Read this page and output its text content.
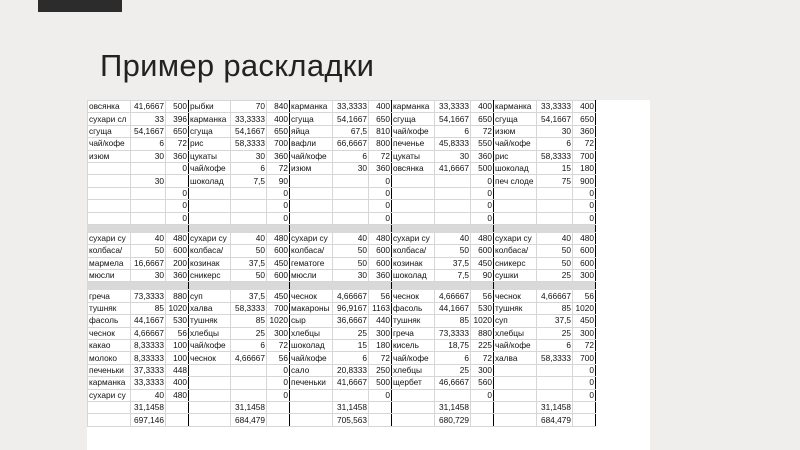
Пример раскладки
овсянка	41,6667	500	рыбки	70	840	карманка	33,3333	400	карманка	33,3333	400	карманка	33,3333	400
сухари сл	33	396	карманка	33,3333	400	сгуща	54,1667	650	сгуща	54,1667	650	сгуща	54,1667	650
сгуща	54,1667	650	сгуща	54,1667	650	яйца	67,5	810	чай/кофе	6	72	изюм	30	360
чай/кофе	6	72	рис	58,3333	700	вафли	66,6667	800	печенье	45,8333	550	чай/кофе	6	72
изюм	30	360	цукаты	30	360	чай/кофе	6	72	цукаты	30	360	рис	58,3333	700
		0	чай/кофе	6	72	изюм	30	360	овсянка	41,6667	500	шоколад	15	180
	30		шоколад	7,5	90			0			0	печ слоде	75	900
		0			0			0			0			0
		0			0			0			0			0
		0			0			0			0			0

сухари су	40	480	сухари су	40	480	сухари су	40	480	сухари су	40	480	сухари су	40	480
колбаса/	50	600	колбаса/	50	600	колбаса/	50	600	колбаса/	50	600	колбаса/	50	600
мармела	16,6667	200	козинак	37,5	450	гематоге	50	600	козинак	37,5	450	сникерс	50	600
мюсли	30	360	сникерс	50	600	мюсли	30	360	шоколад	7,5	90	сушки	25	300

греча	73,3333	880	суп	37,5	450	чеснок	4,66667	56	чеснок	4,66667	56	чеснок	4,66667	56
тушняк	85	1020	халва	58,3333	700	макароны	96,9167	1163	фасоль	44,1667	530	тушняк	85	1020
фасоль	44,1667	530	тушняк	85	1020	сыр	36,6667	440	тушняк	85	1020	суп	37,5	450
чеснок	4,66667	56	хлебцы	25	300	хлебцы	25	300	греча	73,3333	880	хлебцы	25	300
какао	8,33333	100	чай/кофе	6	72	шоколад	15	180	кисель	18,75	225	чай/кофе	6	72
молоко	8,33333	100	чеснок	4,66667	56	чай/кофе	6	72	чай/кофе	6	72	халва	58,3333	700
печеньки	37,3333	448			0	сало	20,8333	250	хлебцы	25	300			0
карманка	33,3333	400			0	печеньки	41,6667	500	щербет	46,6667	560			0
сухари су	40	480			0			0			0			0
	31,1458			31,1458			31,1458			31,1458			31,1458	
	697,146			684,479			705,563			680,729			684,479	
